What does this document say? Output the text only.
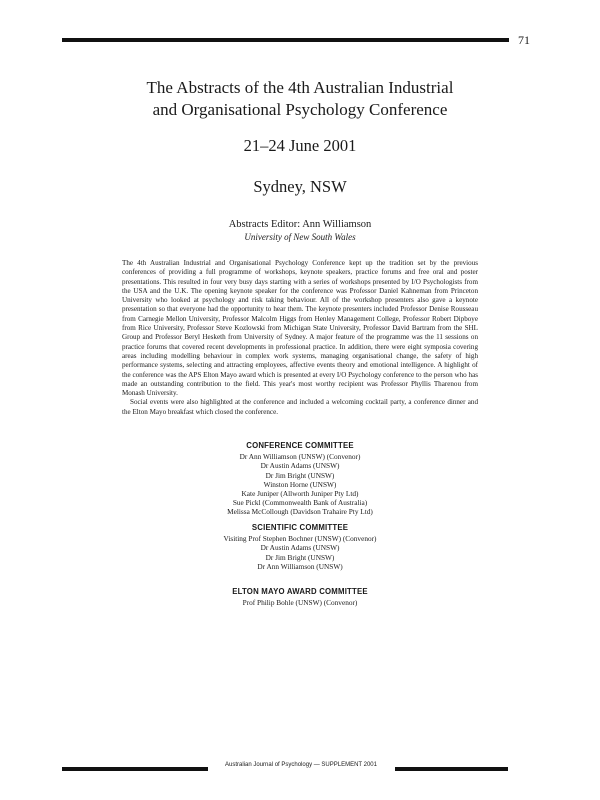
71
The Abstracts of the 4th Australian Industrial
and Organisational Psychology Conference
21–24 June 2001
Sydney, NSW
Abstracts Editor: Ann Williamson
University of New South Wales

The 4th Australian Industrial and Organisational Psychology Conference kept up the tradition set by the previous conferences of providing a full programme of workshops, keynote speakers, practice forums and free oral and poster presentations. This resulted in four very busy days starting with a series of workshops presented by I/O Psychologists from the USA and the U.K. The opening keynote speaker for the conference was Professor Daniel Kahneman from Princeton University who looked at psychology and risk taking behaviour. All of the workshop presenters also gave a keynote presentation so that everyone had the opportunity to hear them. The keynote presenters included Professor Denise Rousseau from Carnegie Mellon University, Professor Malcolm Higgs from Henley Management College, Professor Robert Dipboye from Rice University, Professor Steve Kozlowski from Michigan State University, Professor David Bartram from the SHL Group and Professor Beryl Hesketh from University of Sydney. A major feature of the programme was the 11 sessions on practice forums that covered recent developments in professional practice. In addition, there were eight symposia covering areas including modelling behaviour in complex work systems, managing organisational change, the safety of high performance systems, selecting and attracting employees, affective events theory and emotional intelligence. A highlight of the conference was the APS Elton Mayo award which is presented at every I/O Psychology conference to the person who has made an outstanding contribution to the field. This year's most worthy recipient was Professor Phyllis Tharenou from Monash University.

Social events were also highlighted at the conference and included a welcoming cocktail party, a conference dinner and the Elton Mayo breakfast which closed the conference.

CONFERENCE COMMITTEE
Dr Ann Williamson (UNSW) (Convenor)
Dr Austin Adams (UNSW)
Dr Jim Bright (UNSW)
Winston Horne (UNSW)
Kate Juniper (Allworth Juniper Pty Ltd)
Sue Pickl (Commonwealth Bank of Australia)
Melissa McCollough (Davidson Trahaire Pty Ltd)
SCIENTIFIC COMMITTEE
Visiting Prof Stephen Bochner (UNSW) (Convenor)
Dr Austin Adams (UNSW)
Dr Jim Bright (UNSW)
Dr Ann Williamson (UNSW)
ELTON MAYO AWARD COMMITTEE
Prof Philip Bohle (UNSW) (Convenor)
Australian Journal of Psychology — SUPPLEMENT 2001
